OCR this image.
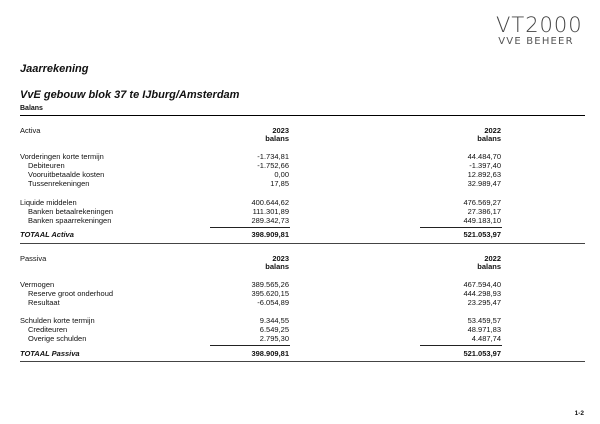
VT2000
VVE BEHEER
Jaarrekening
VvE gebouw blok 37 te IJburg/Amsterdam
Balans
Activa	2023
balans
2022
balans
Vorderingen korte termijn	-1.734,81	44.484,70
Debiteuren	-1.752,66	-1.397,40
Vooruitbetaalde kosten	0,00	12.892,63
Tussenrekeningen	17,85	32.989,47
Liquide middelen	400.644,62	476.569,27
Banken betaalrekeningen	111.301,89	27.386,17
Banken spaarrekeningen	289.342,73	449.183,10
TOTAAL Activa	398.909,81	521.053,97
Passiva	2023
balans
2022
balans
Vermogen	389.565,26	467.594,40
Reserve groot onderhoud	395.620,15	444.298,93
Resultaat	-6.054,89	23.295,47
Schulden korte termijn	9.344,55	53.459,57
Crediteuren	6.549,25	48.971,83
Overige schulden	2.795,30	4.487,74
TOTAAL Passiva	398.909,81	521.053,97
1-2
